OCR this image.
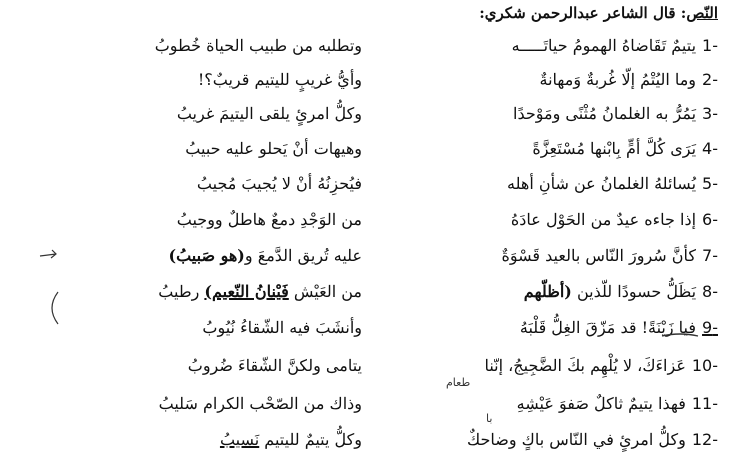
النّص: قال الشاعر عبدالرحمن شكري:
-1
يتيمٌ تَقَاضاهُ الهمومُ حياتَـــــه
وتطلبه من طبيب الحياة خُطوبُ
-2
وما اليُتْمُ إلّا غُربةٌ وَمهانةٌ
وأيُّ غريبٍ لليتيم قريبٌ؟!
-3
يَمُرُّ به الغلمانُ مُثْنًى ومَوْحدًا
وكلُّ امرئٍ يلقى اليتيمَ غريبُ
-4
يَرَى كُلَّ أمٍّ بِابْنها مُسْتَعِزَّةً
وهيهات أنْ يَحلو عليه حبيبُ
-5
يُسائلهُ الغلمانُ عن شأنِ أهله
فيُحزِنُهُ أنْ لا يُجيبَ مُجيبُ
-6
إذا جاءه عيدٌ من الحَوْل عادَهُ
من الوَجْدِ دمعٌ هاطلٌ ووجيبُ
-7
كأنَّ سُرورَ النّاس بالعيد قَسْوَةٌ
عليه تُريق الدَّمعَ و(هو صَبيبُ)
-8
يَظَلُّ حسودًا للّذين (أظلّهم
من العَيْش فَيْنانُ النّعيم) رطيبُ
-9
فيا زَيْنَةً! قد مَزّقَ الغِلُّ قَلْبَهُ
وأنشَبَ فيه الشّقاءُ نُيُوبُ
-10
عَزاءَكَ، لا يُلْهِم بكَ الضَّجِيجُ، إنّنا
يتامى ولكنَّ الشّقاءَ ضُروبُ
-11
فهذا يتيمٌ ثاكلٌ صَفوَ عَيْشِهِ
وذاك من الصّحْب الكرام سَليبُ
-12
وكلُّ امرئٍ في النّاس باكٍ وضاحكٌ
وكلُّ يتيمٌ لليتيم نَسيبُ
طعام
با
